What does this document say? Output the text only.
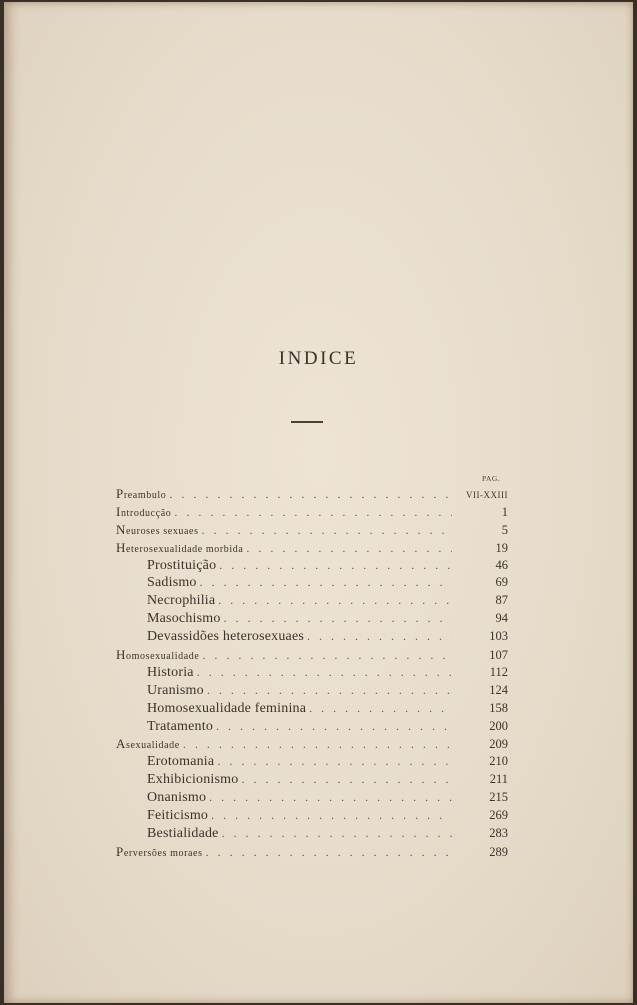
INDICE
PAG.
Preambulo . . .	VII-XXIII
Introducção . . .	1
Neuroses sexuaes . . .	5
Heterosexualidade morbida . . .	19
Prostituição . . .	46
Sadismo . . .	69
Necrophilia . . .	87
Masochismo . . .	94
Devassidões heterosexuaes . . .	103
Homosexualidade . . .	107
Historia . . .	112
Uranismo . . .	124
Homosexualidade feminina . . .	158
Tratamento . . .	200
Asexualidade . . .	209
Erotomania . . .	210
Exhibicionismo . . .	211
Onanismo . . .	215
Feiticismo . . .	269
Bestialidade . . .	283
Perversões moraes . . .	289
